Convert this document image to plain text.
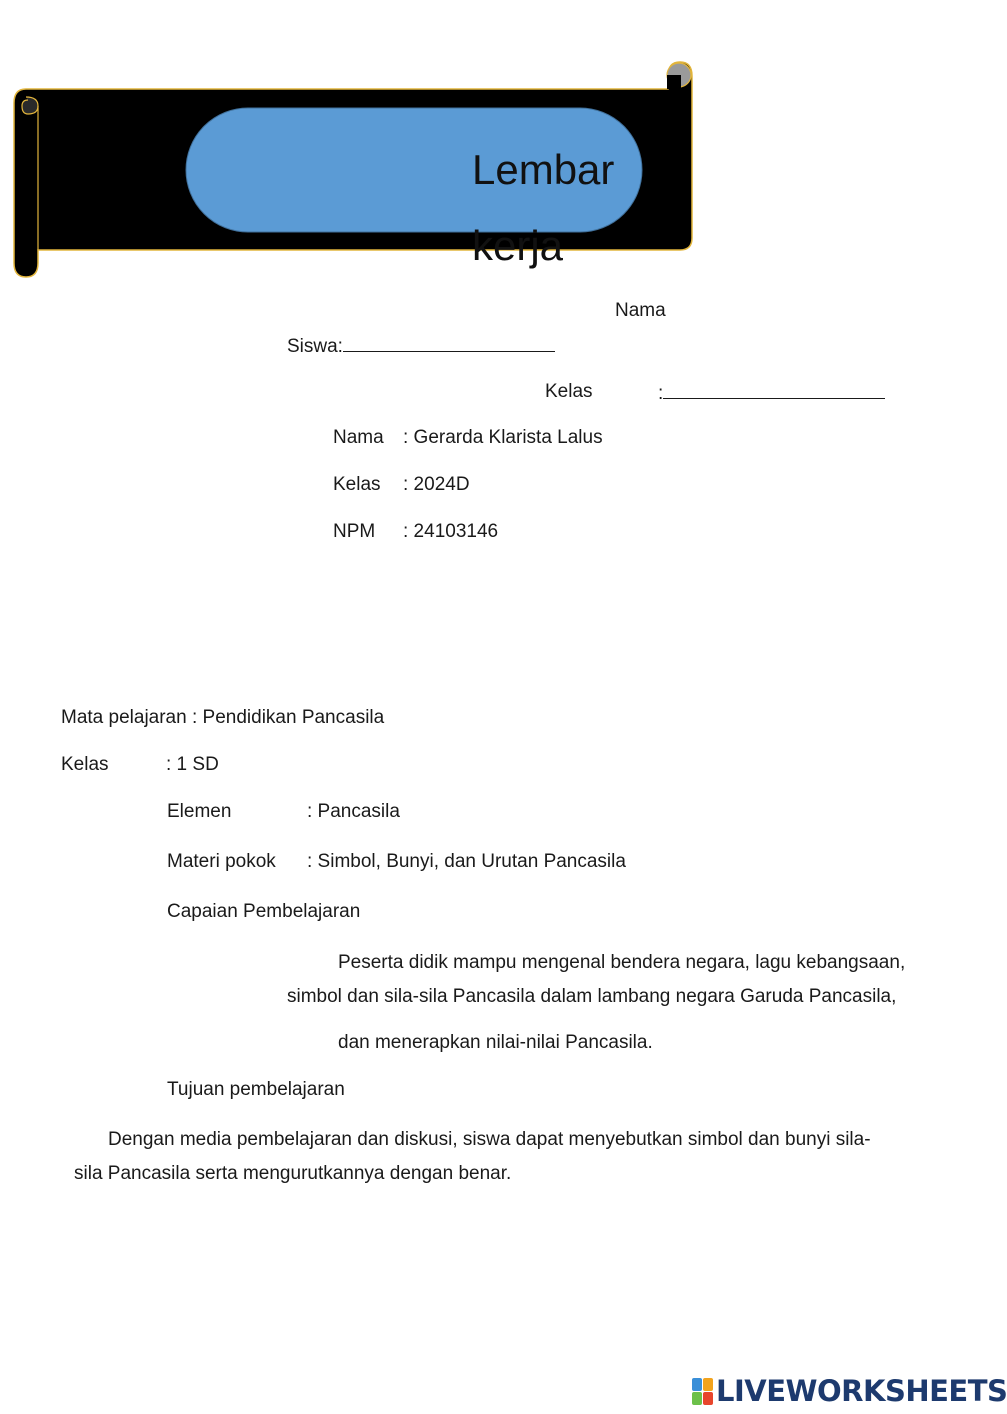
Lembar kerja
Nama
Siswa:
Kelas	:
Nama : Gerarda Klarista Lalus
Kelas : 2024D
NPM : 24103146
Mata pelajaran : Pendidikan Pancasila
Kelas	: 1 SD
Elemen	: Pancasila
Materi pokok : Simbol, Bunyi, dan Urutan Pancasila
Capaian Pembelajaran
Peserta didik mampu mengenal bendera negara, lagu kebangsaan,
simbol dan sila-sila Pancasila dalam lambang negara Garuda Pancasila,
dan menerapkan nilai-nilai Pancasila.
Tujuan pembelajaran
Dengan media pembelajaran dan diskusi, siswa dapat menyebutkan simbol dan bunyi sila-
sila Pancasila serta mengurutkannya dengan benar.
LIVEWORKSHEETS
